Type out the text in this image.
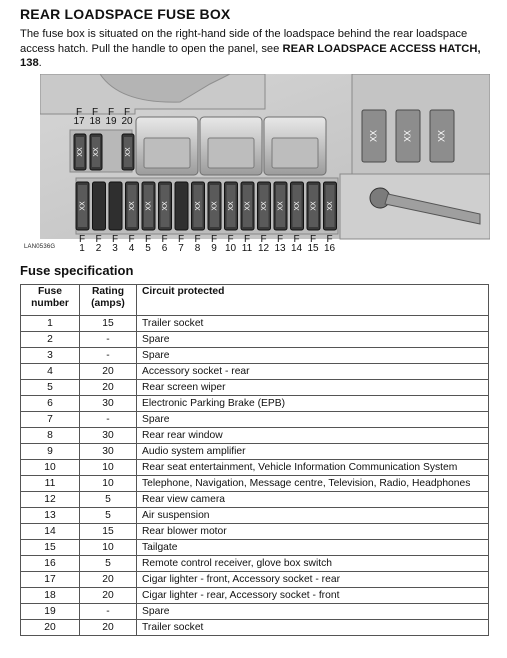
REAR LOADSPACE FUSE BOX
The fuse box is situated on the right-hand side of the loadspace behind the rear loadspace access hatch. Pull the handle to open the panel, see REAR LOADSPACE ACCESS HATCH, 138.
XX XX	XX
XX	XX XX XX	XX XX XX XX XX XX XX XX XX
XX	XX	XX
F
17
F
18
F
19
F
20
F
1
F
2
F
3
F
4
F
5
F
6
F
7
F
8
F
9
F
10
F
11
F
12
F
13
F
14
F
15
F
16
LAN0536G
Fuse specification
Fuse number	Rating (amps)	Circuit protected
1	15	Trailer socket
2	-	Spare
3	-	Spare
4	20	Accessory socket - rear
5	20	Rear screen wiper
6	30	Electronic Parking Brake (EPB)
7	-	Spare
8	30	Rear rear window
9	30	Audio system amplifier
10	10	Rear seat entertainment, Vehicle Information Communication System
11	10	Telephone, Navigation, Message centre, Television, Radio, Headphones
12	5	Rear view camera
13	5	Air suspension
14	15	Rear blower motor
15	10	Tailgate
16	5	Remote control receiver, glove box switch
17	20	Cigar lighter - front, Accessory socket - rear
18	20	Cigar lighter - rear, Accessory socket - front
19	-	Spare
20	20	Trailer socket
